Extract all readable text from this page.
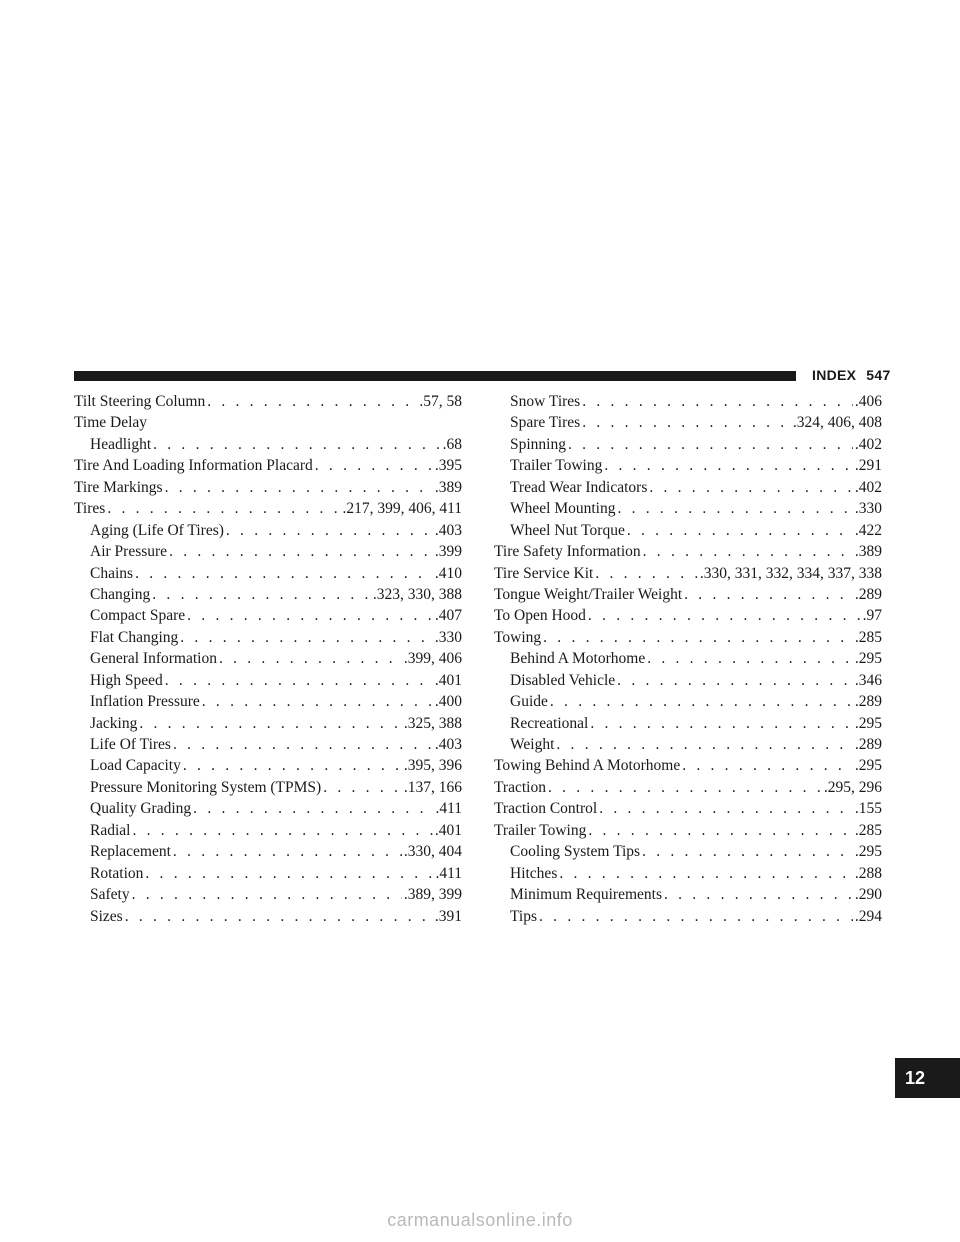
INDEX 547
Tilt Steering Column . . .	.57, 58
Time Delay
Headlight . . .	.68
Tire And Loading Information Placard . . .	.395
Tire Markings . . .	.389
Tires . . .	.217, 399, 406, 411
Aging (Life Of Tires) . . .	.403
Air Pressure . . .	.399
Chains . . .	.410
Changing . . .	.323, 330, 388
Compact Spare . . .	.407
Flat Changing . . .	.330
General Information . . .	.399, 406
High Speed . . .	.401
Inflation Pressure . . .	.400
Jacking . . .	.325, 388
Life Of Tires . . .	.403
Load Capacity . . .	.395, 396
Pressure Monitoring System (TPMS) . . .	.137, 166
Quality Grading . . .	.411
Radial . . .	.401
Replacement . . .	.330, 404
Rotation . . .	.411
Safety . . .	.389, 399
Sizes . . .	.391
Snow Tires . . .	.406
Spare Tires . . .	.324, 406, 408
Spinning . . .	.402
Trailer Towing . . .	.291
Tread Wear Indicators . . .	.402
Wheel Mounting . . .	.330
Wheel Nut Torque . . .	.422
Tire Safety Information . . .	.389
Tire Service Kit . . .	.330, 331, 332, 334, 337, 338
Tongue Weight/Trailer Weight . . .	.289
To Open Hood . . .	.97
Towing . . .	.285
Behind A Motorhome . . .	.295
Disabled Vehicle . . .	.346
Guide . . .	.289
Recreational . . .	.295
Weight . . .	.289
Towing Behind A Motorhome . . .	.295
Traction . . .	.295, 296
Traction Control . . .	.155
Trailer Towing . . .	.285
Cooling System Tips . . .	.295
Hitches . . .	.288
Minimum Requirements . . .	.290
Tips . . .	.294
12
carmanualsonline.info
